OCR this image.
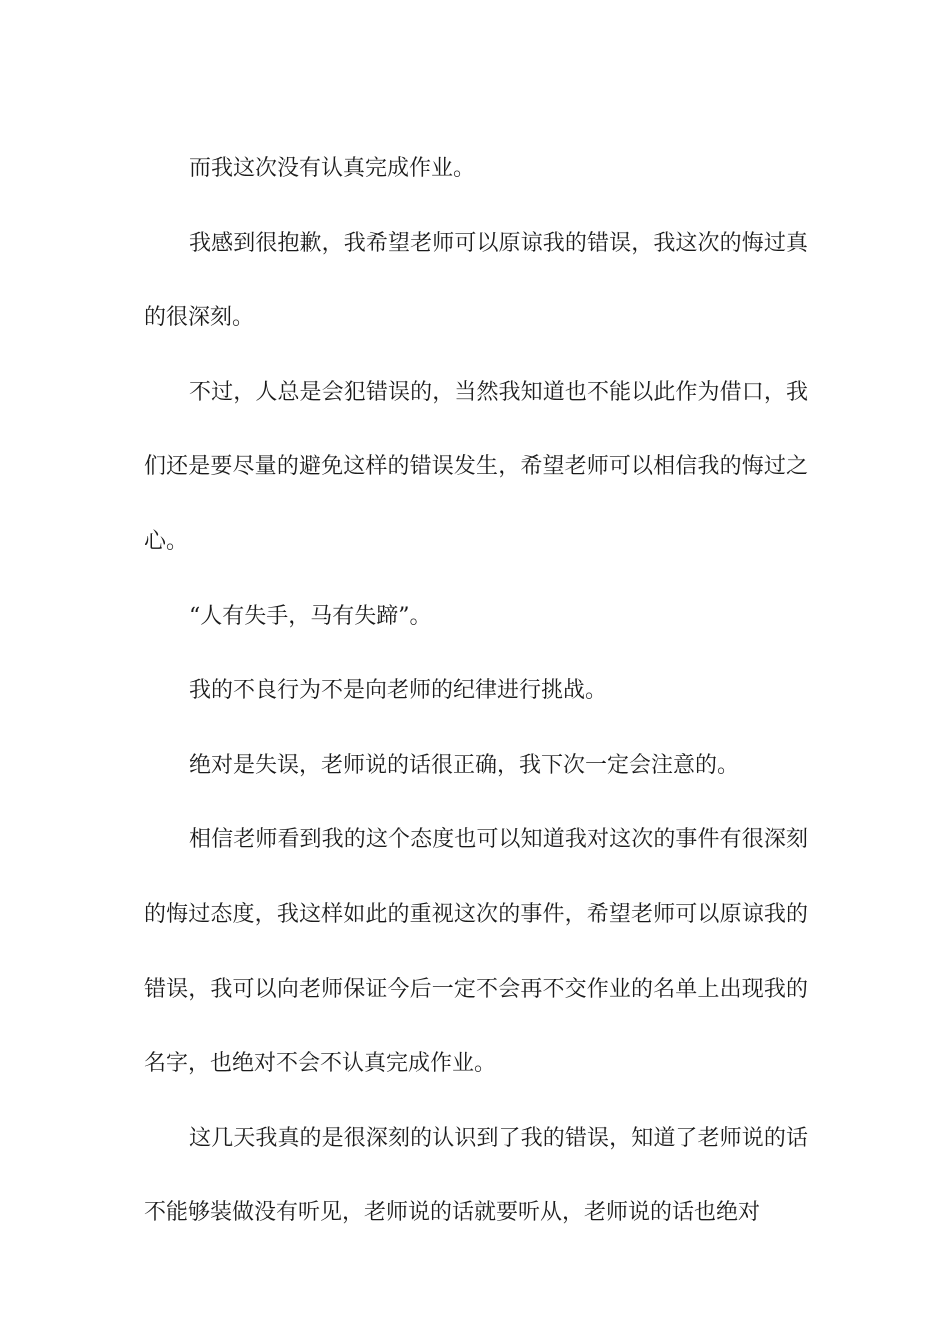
而我这次没有认真完成作业。

我感到很抱歉，我希望老师可以原谅我的错误，我这次的悔过真的很深刻。

不过，人总是会犯错误的，当然我知道也不能以此作为借口，我们还是要尽量的避免这样的错误发生，希望老师可以相信我的悔过之心。

“人有失手，马有失蹄”。

我的不良行为不是向老师的纪律进行挑战。

绝对是失误，老师说的话很正确，我下次一定会注意的。

相信老师看到我的这个态度也可以知道我对这次的事件有很深刻的悔过态度，我这样如此的重视这次的事件，希望老师可以原谅我的错误，我可以向老师保证今后一定不会再不交作业的名单上出现我的名字，也绝对不会不认真完成作业。

这几天我真的是很深刻的认识到了我的错误，知道了老师说的话不能够装做没有听见，老师说的话就要听从，老师说的话也绝对
